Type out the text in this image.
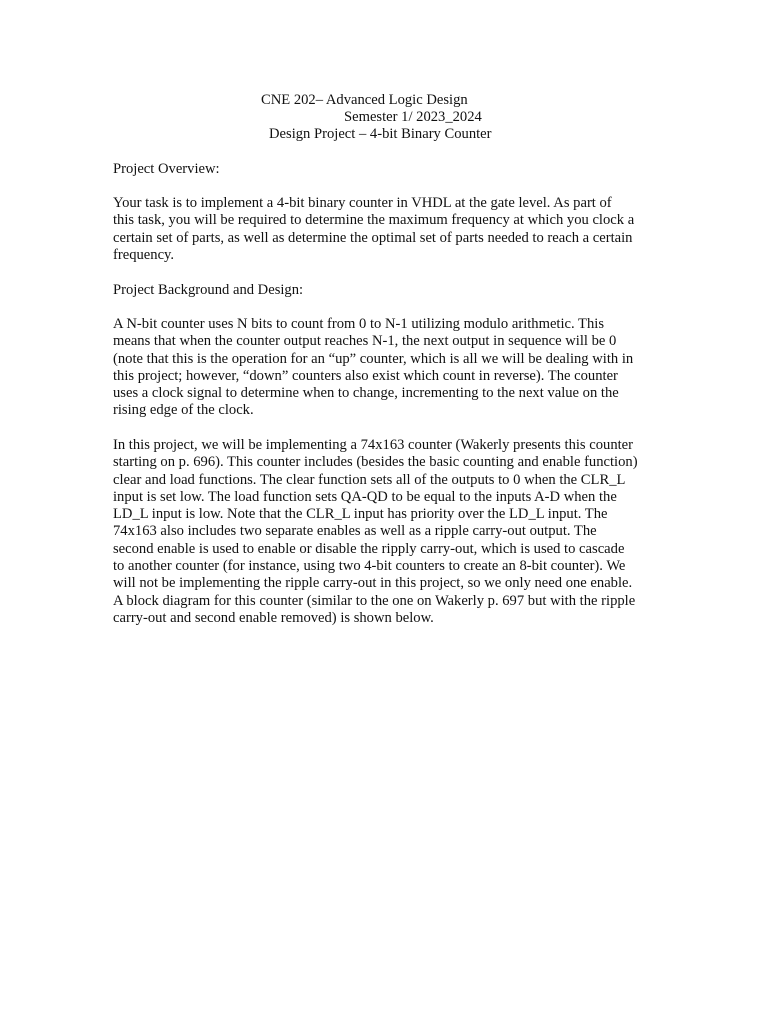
CNE 202– Advanced Logic Design

Semester 1/ 2023_2024

Design Project – 4-bit Binary Counter

Project Overview:
Your task is to implement a 4-bit binary counter in VHDL at the gate level. As part of
this task, you will be required to determine the maximum frequency at which you clock a
certain set of parts, as well as determine the optimal set of parts needed to reach a certain
frequency.
Project Background and Design:
A N-bit counter uses N bits to count from 0 to N-1 utilizing modulo arithmetic. This
means that when the counter output reaches N-1, the next output in sequence will be 0
(note that this is the operation for an “up” counter, which is all we will be dealing with in
this project; however, “down” counters also exist which count in reverse). The counter
uses a clock signal to determine when to change, incrementing to the next value on the
rising edge of the clock.
In this project, we will be implementing a 74x163 counter (Wakerly presents this counter
starting on p. 696). This counter includes (besides the basic counting and enable function)
clear and load functions. The clear function sets all of the outputs to 0 when the CLR_L
input is set low. The load function sets QA-QD to be equal to the inputs A-D when the
LD_L input is low. Note that the CLR_L input has priority over the LD_L input. The
74x163 also includes two separate enables as well as a ripple carry-out output. The
second enable is used to enable or disable the ripply carry-out, which is used to cascade
to another counter (for instance, using two 4-bit counters to create an 8-bit counter). We
will not be implementing the ripple carry-out in this project, so we only need one enable.
A block diagram for this counter (similar to the one on Wakerly p. 697 but with the ripple
carry-out and second enable removed) is shown below.
